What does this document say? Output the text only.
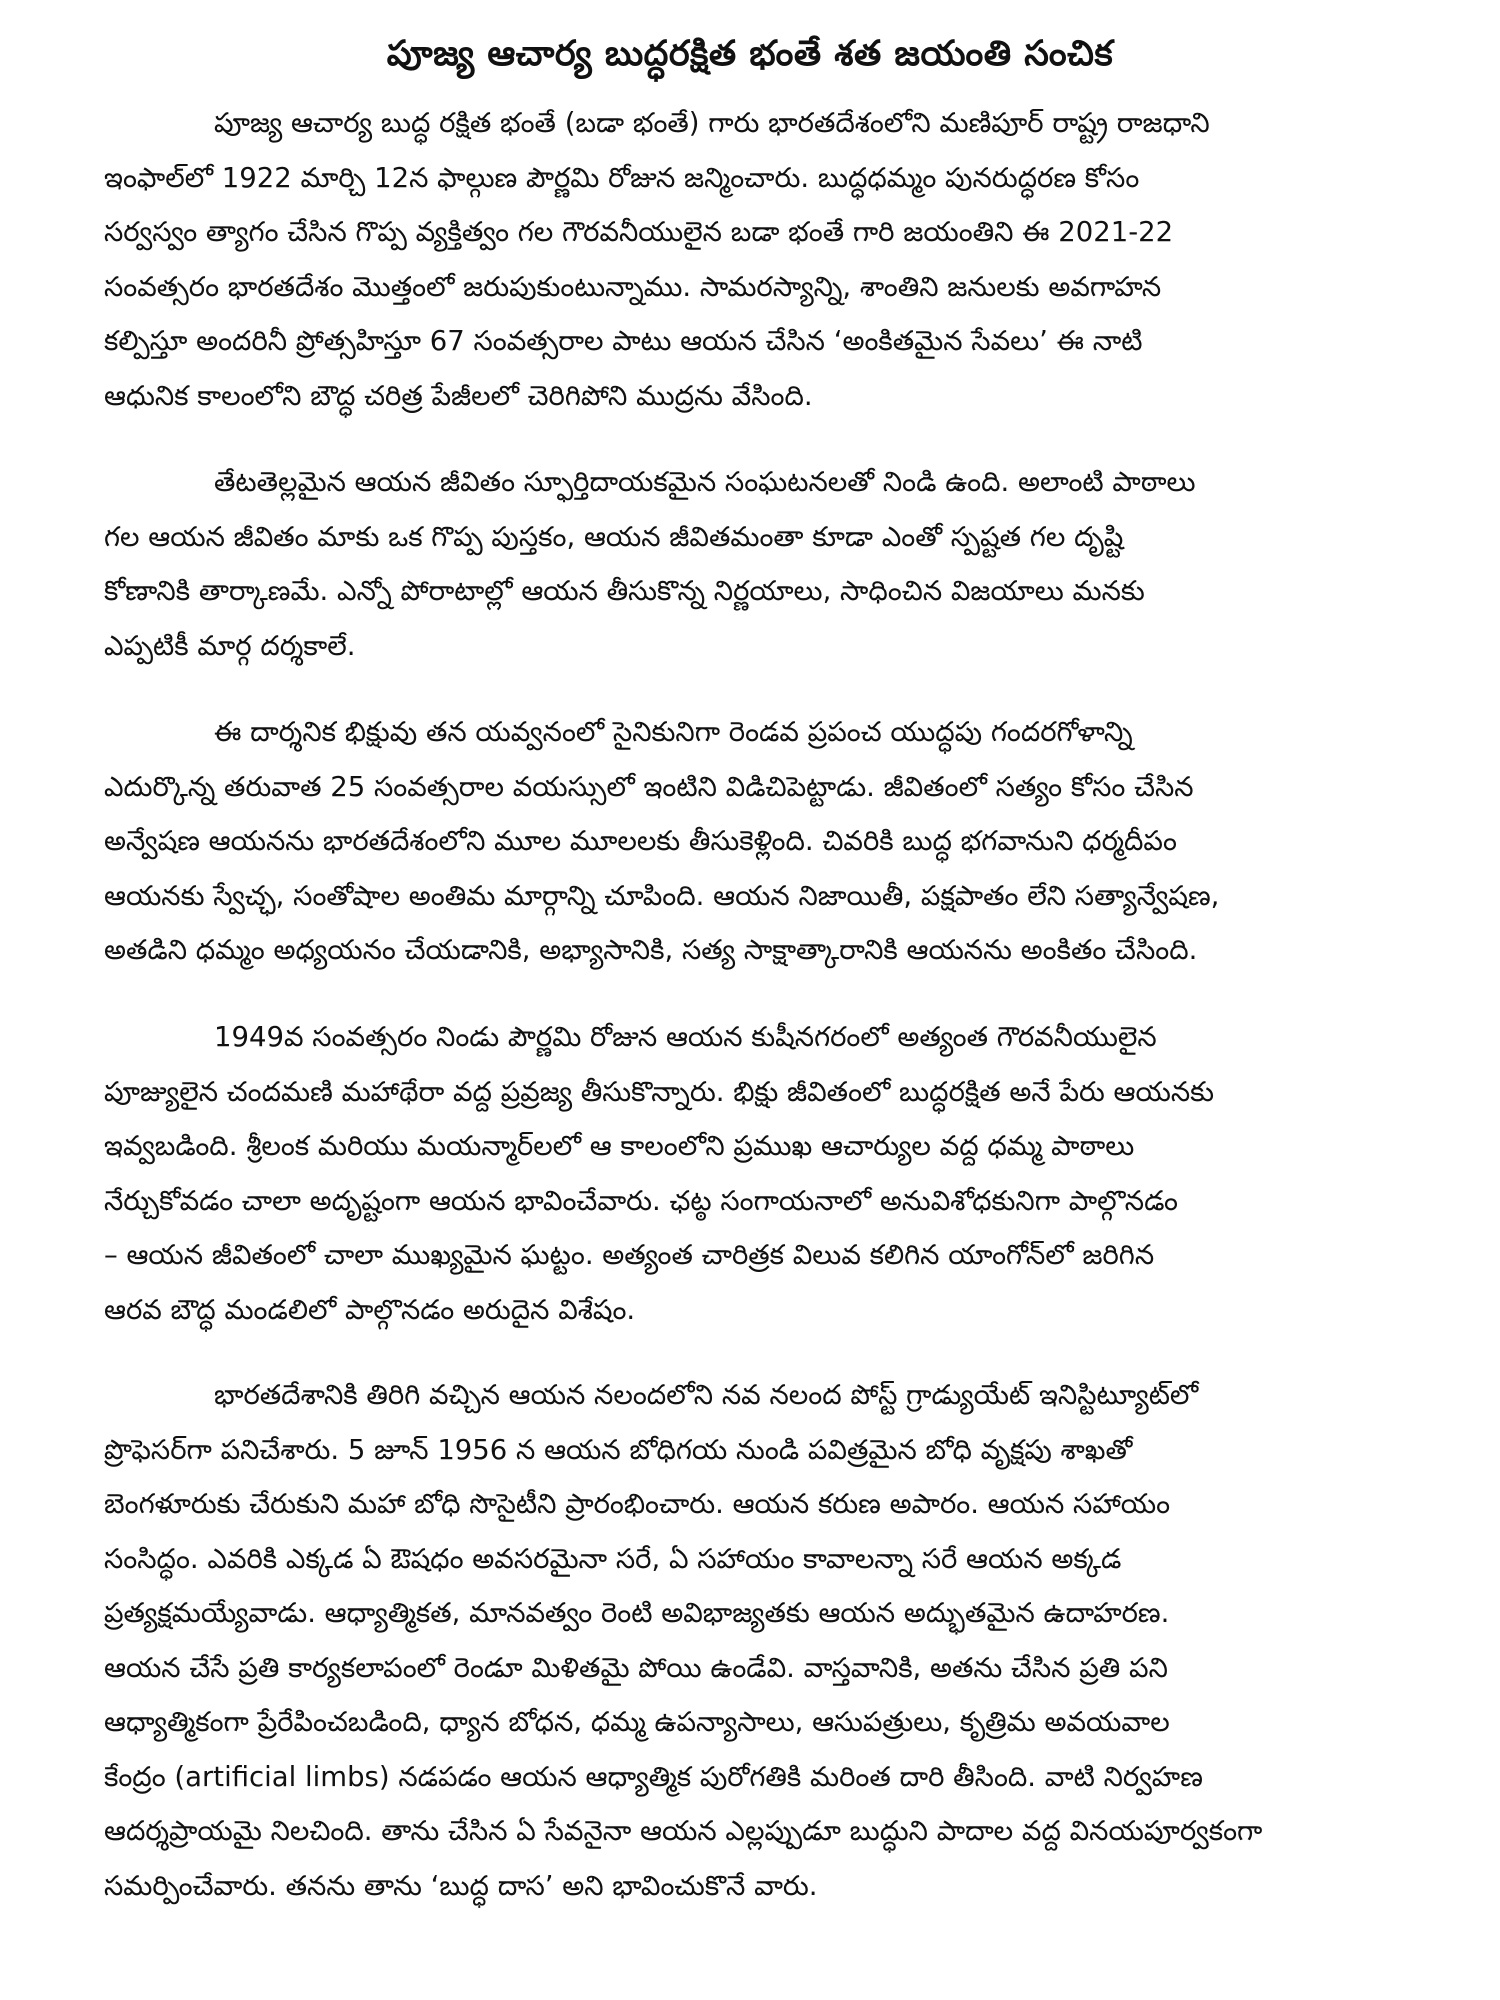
పూజ్య ఆచార్య బుద్ధరక్షిత భంతే శత జయంతి సంచిక
పూజ్య ఆచార్య బుద్ధ రక్షిత భంతే (బడా భంతే) గారు భారతదేశంలోని మణిపూర్ రాష్ట్ర రాజధాని
ఇంఫాల్‌లో 1922 మార్చి 12న ఫాల్గుణ పౌర్ణమి రోజున జన్మించారు. బుద్ధధమ్మం పునరుద్ధరణ కోసం
సర్వస్వం త్యాగం చేసిన గొప్ప వ్యక్తిత్వం గల గౌరవనీయులైన బడా భంతే గారి జయంతిని ఈ 2021-22
సంవత్సరం భారతదేశం మొత్తంలో జరుపుకుంటున్నాము. సామరస్యాన్ని, శాంతిని జనులకు అవగాహన
కల్పిస్తూ అందరినీ ప్రోత్సహిస్తూ 67 సంవత్సరాల పాటు ఆయన చేసిన ‘అంకితమైన సేవలు’ ఈ నాటి
ఆధునిక కాలంలోని బౌద్ధ చరిత్ర పేజీలలో చెరిగిపోని ముద్రను వేసింది.
తేటతెల్లమైన ఆయన జీవితం స్ఫూర్తిదాయకమైన సంఘటనలతో నిండి ఉంది. అలాంటి పాఠాలు
గల ఆయన జీవితం మాకు ఒక గొప్ప పుస్తకం, ఆయన జీవితమంతా కూడా ఎంతో స్పష్టత గల దృష్టి
కోణానికి తార్కాణమే. ఎన్నో పోరాటాల్లో ఆయన తీసుకొన్న నిర్ణయాలు, సాధించిన విజయాలు మనకు
ఎప్పటికీ మార్గ దర్శకాలే.
ఈ దార్శనిక భిక్షువు తన యవ్వనంలో సైనికునిగా రెండవ ప్రపంచ యుద్ధపు గందరగోళాన్ని
ఎదుర్కొన్న తరువాత 25 సంవత్సరాల వయస్సులో ఇంటిని విడిచిపెట్టాడు. జీవితంలో సత్యం కోసం చేసిన
అన్వేషణ ఆయనను భారతదేశంలోని మూల మూలలకు తీసుకెళ్లింది. చివరికి బుద్ధ భగవానుని ధర్మదీపం
ఆయనకు స్వేచ్ఛ, సంతోషాల అంతిమ మార్గాన్ని చూపింది. ఆయన నిజాయితీ, పక్షపాతం లేని సత్యాన్వేషణ,
అతడిని ధమ్మం అధ్యయనం చేయడానికి, అభ్యాసానికి, సత్య సాక్షాత్కారానికి ఆయనను అంకితం చేసింది.
1949వ సంవత్సరం నిండు పౌర్ణమి రోజున ఆయన కుషీనగరంలో అత్యంత గౌరవనీయులైన
పూజ్యులైన చందమణి మహాథేరా వద్ద ప్రవ్రజ్య తీసుకొన్నారు. భిక్షు జీవితంలో బుద్ధరక్షిత అనే పేరు ఆయనకు
ఇవ్వబడింది. శ్రీలంక మరియు మయన్మార్‌లలో ఆ కాలంలోని ప్రముఖ ఆచార్యుల వద్ద ధమ్మ పాఠాలు
నేర్చుకోవడం చాలా అదృష్టంగా ఆయన భావించేవారు. ఛట్ఠ సంగాయనాలో అనువిశోధకునిగా పాల్గొనడం
– ఆయన జీవితంలో చాలా ముఖ్యమైన ఘట్టం. అత్యంత చారిత్రక విలువ కలిగిన యాంగోన్‌లో జరిగిన
ఆరవ బౌద్ధ మండలిలో పాల్గొనడం అరుదైన విశేషం.
భారతదేశానికి తిరిగి వచ్చిన ఆయన నలందలోని నవ నలంద పోస్ట్ గ్రాడ్యుయేట్ ఇనిస్టిట్యూట్‌లో
ప్రొఫెసర్‌గా పనిచేశారు. 5 జూన్ 1956 న ఆయన బోధిగయ నుండి పవిత్రమైన బోధి వృక్షపు శాఖతో
బెంగళూరుకు చేరుకుని మహా బోధి సొసైటీని ప్రారంభించారు. ఆయన కరుణ అపారం. ఆయన సహాయం
సంసిద్ధం. ఎవరికి ఎక్కడ ఏ ఔషధం అవసరమైనా సరే, ఏ సహాయం కావాలన్నా సరే ఆయన అక్కడ
ప్రత్యక్షమయ్యేవాడు. ఆధ్యాత్మికత, మానవత్వం రెంటి అవిభాజ్యతకు ఆయన అద్భుతమైన ఉదాహరణ.
ఆయన చేసే ప్రతి కార్యకలాపంలో రెండూ మిళితమై పోయి ఉండేవి. వాస్తవానికి, అతను చేసిన ప్రతి పని
ఆధ్యాత్మికంగా ప్రేరేపించబడింది, ధ్యాన బోధన, ధమ్మ ఉపన్యాసాలు, ఆసుపత్రులు, కృత్రిమ అవయవాల
కేంద్రం (artificial limbs) నడపడం ఆయన ఆధ్యాత్మిక పురోగతికి మరింత దారి తీసింది. వాటి నిర్వహణ
ఆదర్శప్రాయమై నిలచింది. తాను చేసిన ఏ సేవనైనా ఆయన ఎల్లప్పుడూ బుద్ధుని పాదాల వద్ద వినయపూర్వకంగా
సమర్పించేవారు. తనను తాను ‘బుద్ధ దాస’ అని భావించుకొనే వారు.
